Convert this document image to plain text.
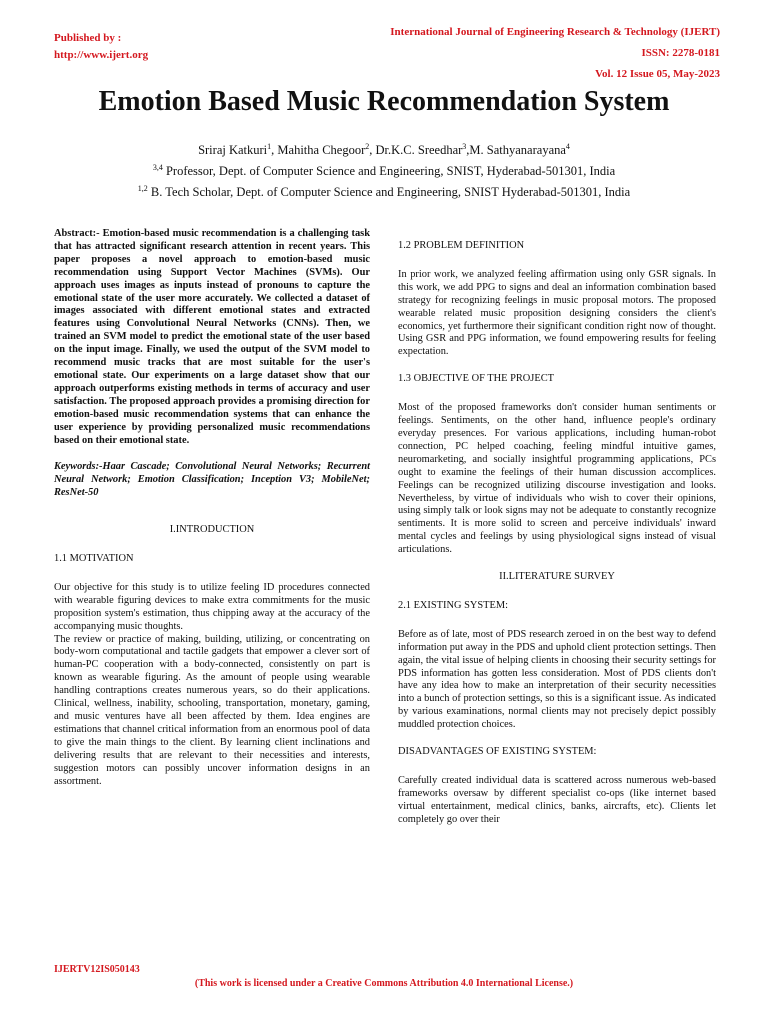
Published by :
http://www.ijert.org
International Journal of Engineering Research & Technology (IJERT)
ISSN: 2278-0181
Vol. 12 Issue 05, May-2023
Emotion Based Music Recommendation System
Sriraj Katkuri$^1$, Mahitha Chegoor$^2$, Dr.K.C. Sreedhar$^3$,M. Sathyanarayana$^4$
$^{3,4}$ Professor, Dept. of Computer Science and Engineering, SNIST, Hyderabad-501301, India
$^{1,2}$ B. Tech Scholar, Dept. of Computer Science and Engineering, SNIST Hyderabad-501301, India

Abstract:- Emotion-based music recommendation is a challenging task that has attracted significant research attention in recent years. This paper proposes a novel approach to emotion-based music recommendation using Support Vector Machines (SVMs). Our approach uses images as inputs instead of pronouns to capture the emotional state of the user more accurately. We collected a dataset of images associated with different emotional states and extracted features using Convolutional Neural Networks (CNNs). Then, we trained an SVM model to predict the emotional state of the user based on the input image. Finally, we used the output of the SVM model to recommend music tracks that are most suitable for the user's emotional state. Our experiments on a large dataset show that our approach outperforms existing methods in terms of accuracy and user satisfaction. The proposed approach provides a promising direction for emotion-based music recommendation systems that can enhance the user experience by providing personalized music recommendations based on their emotional state.

Keywords:-Haar Cascade; Convolutional Neural Networks; Recurrent Neural Network; Emotion Classification; Inception V3; MobileNet; ResNet-50

I.INTRODUCTION

1.1 MOTIVATION

Our objective for this study is to utilize feeling ID procedures connected with wearable figuring devices to make extra commitments for the music proposition system's estimation, thus chipping away at the accuracy of the accompanying music thoughts.

The review or practice of making, building, utilizing, or concentrating on body-worn computational and tactile gadgets that empower a clever sort of human-PC cooperation with a body-connected, consistently on part is known as wearable figuring. As the amount of people using wearable handling contraptions creates numerous years, so do their applications. Clinical, wellness, inability, schooling, transportation, monetary, gaming, and music ventures have all been affected by them. Idea engines are estimations that channel critical information from an enormous pool of data to give the main things to the client. By learning client inclinations and delivering results that are relevant to their necessities and interests, suggestion motors can possibly uncover information designs in an assortment.

1.2 PROBLEM DEFINITION

In prior work, we analyzed feeling affirmation using only GSR signals. In this work, we add PPG to signs and deal an information combination based strategy for recognizing feelings in music proposal motors. The proposed wearable related music proposition designing considers the client's economics, yet furthermore their significant condition right now of thought. Using GSR and PPG information, we found empowering results for feeling expectation.

1.3 OBJECTIVE OF THE PROJECT

Most of the proposed frameworks don't consider human sentiments or feelings. Sentiments, on the other hand, influence people's ordinary everyday presences. For various applications, including human-robot connection, PC helped coaching, feeling mindful intuitive games, neuromarketing, and socially insightful programming applications, PCs ought to examine the feelings of their human discussion accomplices. Feelings can be recognized utilizing discourse investigation and looks. Nevertheless, by virtue of individuals who wish to cover their opinions, using simply talk or look signs may not be adequate to constantly recognize sentiments. It is more solid to screen and perceive individuals' inward mental cycles and feelings by using physiological signs instead of visual articulations.

II.LITERATURE SURVEY

2.1 EXISTING SYSTEM:

Before as of late, most of PDS research zeroed in on the best way to defend information put away in the PDS and uphold client protection settings. Then again, the vital issue of helping clients in choosing their security settings for PDS information has gotten less consideration. Most of PDS clients don't have any idea how to make an interpretation of their security necessities into a bunch of protection settings, so this is a significant issue. As indicated by various examinations, normal clients may not precisely depict possibly muddled protection choices.

DISADVANTAGES OF EXISTING SYSTEM:

Carefully created individual data is scattered across numerous web-based frameworks oversaw by different specialist co-ops (like internet based virtual entertainment, medical clinics, banks, aircrafts, etc). Clients let completely go over their

IJERTV12IS050143
(This work is licensed under a Creative Commons Attribution 4.0 International License.)
